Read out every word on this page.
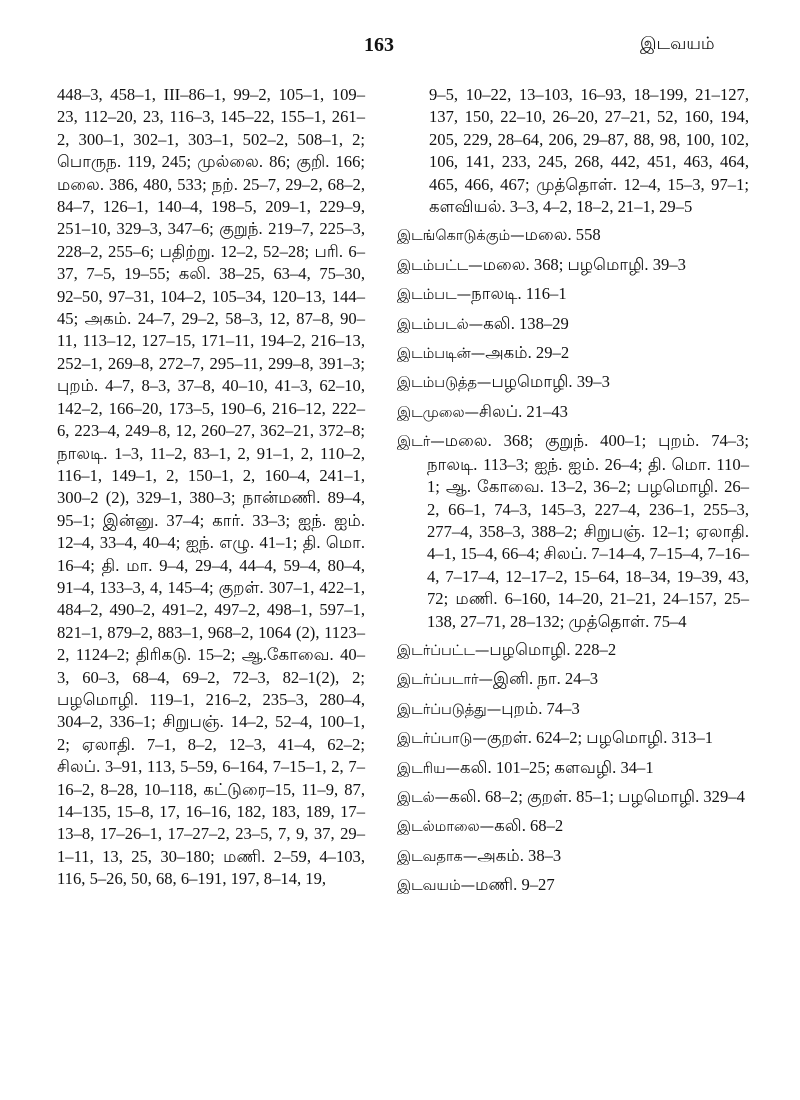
163	இடவயம்
448–3, 458–1, III–86–1, 99–2, 105–1, 109–23, 112–20, 23, 116–3, 145–22, 155–1, 261–2, 300–1, 302–1, 303–1, 502–2, 508–1, 2; பொருந. 119, 245; முல்லை. 86; குறி. 166; மலை. 386, 480, 533; நற். 25–7, 29–2, 68–2, 84–7, 126–1, 140–4, 198–5, 209–1, 229–9, 251–10, 329–3, 347–6; குறுந். 219–7, 225–3, 228–2, 255–6; பதிற்று. 12–2, 52–28; பரி. 6–37, 7–5, 19–55; கலி. 38–25, 63–4, 75–30, 92–50, 97–31, 104–2, 105–34, 120–13, 144–45; அகம். 24–7, 29–2, 58–3, 12, 87–8, 90–11, 113–12, 127–15, 171–11, 194–2, 216–13, 252–1, 269–8, 272–7, 295–11, 299–8, 391–3; புறம். 4–7, 8–3, 37–8, 40–10, 41–3, 62–10, 142–2, 166–20, 173–5, 190–6, 216–12, 222–6, 223–4, 249–8, 12, 260–27, 362–21, 372–8; நாலடி. 1–3, 11–2, 83–1, 2, 91–1, 2, 110–2, 116–1, 149–1, 2, 150–1, 2, 160–4, 241–1, 300–2 (2), 329–1, 380–3; நான்மணி. 89–4, 95–1; இன்னு. 37–4; கார். 33–3; ஐந். ஐம். 12–4, 33–4, 40–4; ஐந். எழு. 41–1; தி. மொ. 16–4; தி. மா. 9–4, 29–4, 44–4, 59–4, 80–4, 91–4, 133–3, 4, 145–4; குறள். 307–1, 422–1, 484–2, 490–2, 491–2, 497–2, 498–1, 597–1, 821–1, 879–2, 883–1, 968–2, 1064 (2), 1123–2, 1124–2; திரிகடு. 15–2; ஆ.கோவை. 40–3, 60–3, 68–4, 69–2, 72–3, 82–1(2), 2; பழமொழி. 119–1, 216–2, 235–3, 280–4, 304–2, 336–1; சிறுபஞ். 14–2, 52–4, 100–1, 2; ஏலாதி. 7–1, 8–2, 12–3, 41–4, 62–2; சிலப். 3–91, 113, 5–59, 6–164, 7–15–1, 2, 7–16–2, 8–28, 10–118, கட்டுரை–15, 11–9, 87, 14–135, 15–8, 17, 16–16, 182, 183, 189, 17–13–8, 17–26–1, 17–27–2, 23–5, 7, 9, 37, 29–1–11, 13, 25, 30–180; மணி. 2–59, 4–103, 116, 5–26, 50, 68, 6–191, 197, 8–14, 19,
9–5, 10–22, 13–103, 16–93, 18–199, 21–127, 137, 150, 22–10, 26–20, 27–21, 52, 160, 194, 205, 229, 28–64, 206, 29–87, 88, 98, 100, 102, 106, 141, 233, 245, 268, 442, 451, 463, 464, 465, 466, 467; முத்தொள். 12–4, 15–3, 97–1; களவியல். 3–3, 4–2, 18–2, 21–1, 29–5
இடங்கொடுக்கும்—மலை. 558
இடம்பட்ட—மலை. 368; பழமொழி. 39–3
இடம்பட—நாலடி. 116–1
இடம்படல்—கலி. 138–29
இடம்படின்—அகம். 29–2
இடம்படுத்த—பழமொழி. 39–3
இடமுலை—சிலப். 21–43
இடர்—மலை. 368; குறுந். 400–1; புறம். 74–3; நாலடி. 113–3; ஐந். ஐம். 26–4; தி. மொ. 110–1; ஆ. கோவை. 13–2, 36–2; பழமொழி. 26–2, 66–1, 74–3, 145–3, 227–4, 236–1, 255–3, 277–4, 358–3, 388–2; சிறுபஞ். 12–1; ஏலாதி. 4–1, 15–4, 66–4; சிலப். 7–14–4, 7–15–4, 7–16–4, 7–17–4, 12–17–2, 15–64, 18–34, 19–39, 43, 72; மணி. 6–160, 14–20, 21–21, 24–157, 25–138, 27–71, 28–132; முத்தொள். 75–4
இடர்ப்பட்ட—பழமொழி. 228–2
இடர்ப்படார்—இனி. நா. 24–3
இடர்ப்படுத்து—புறம். 74–3
இடர்ப்பாடு—குறள். 624–2; பழமொழி. 313–1
இடரிய—கலி. 101–25; களவழி. 34–1
இடல்—கலி. 68–2; குறள். 85–1; பழமொழி. 329–4
இடல்மாலை—கலி. 68–2
இடவதாக—அகம். 38–3
இடவயம்—மணி. 9–27
